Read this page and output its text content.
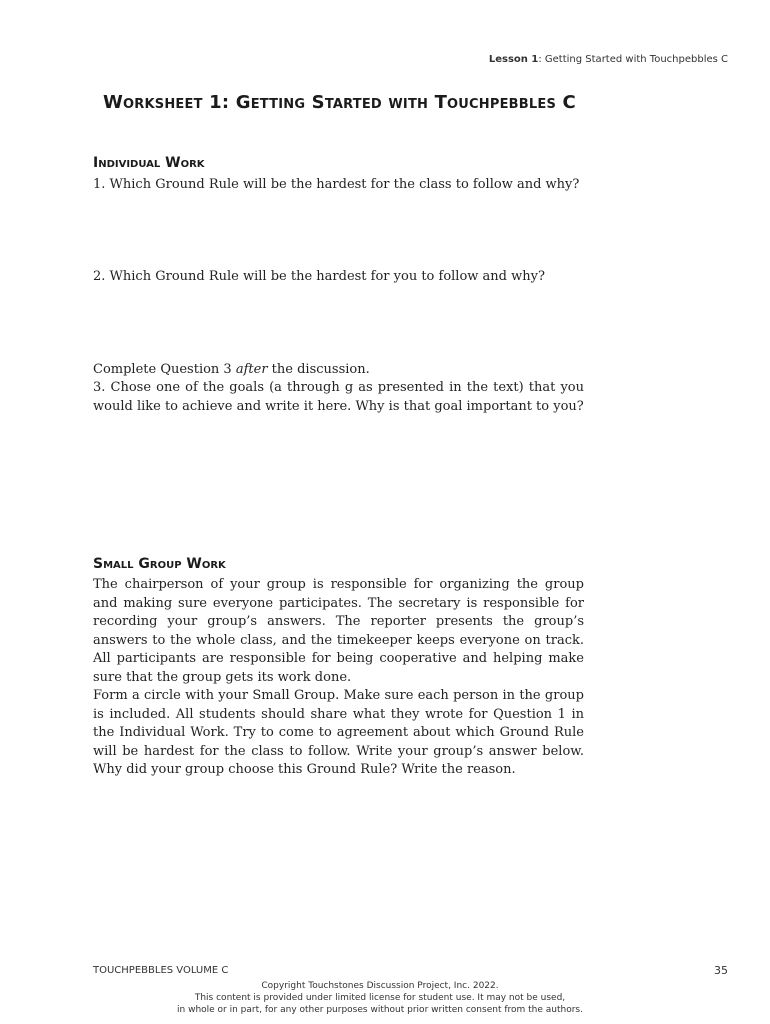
Lesson 1: Getting Started with Touchpebbles C
Worksheet 1: Getting Started with Touchpebbles C
Individual Work

1. Which Ground Rule will be the hardest for the class to follow and why?

2. Which Ground Rule will be the hardest for you to follow and why?

Complete Question 3 after the discussion.

3. Chose one of the goals (a through g as presented in the text) that you would like to achieve and write it here. Why is that goal important to you?

Small Group Work

The chairperson of your group is responsible for organizing the group and making sure everyone participates. The secretary is responsible for recording your group’s answers. The reporter presents the group’s answers to the whole class, and the timekeeper keeps everyone on track. All participants are responsible for being cooperative and helping make sure that the group gets its work done.

Form a circle with your Small Group. Make sure each person in the group is included. All students should share what they wrote for Question 1 in the Individual Work. Try to come to agreement about which Ground Rule will be hardest for the class to follow. Write your group’s answer below. Why did your group choose this Ground Rule? Write the reason.

TOUCHPEBBLES VOLUME C	35
Copyright Touchstones Discussion Project, Inc. 2022.
This content is provided under limited license for student use. It may not be used,
in whole or in part, for any other purposes without prior written consent from the authors.
